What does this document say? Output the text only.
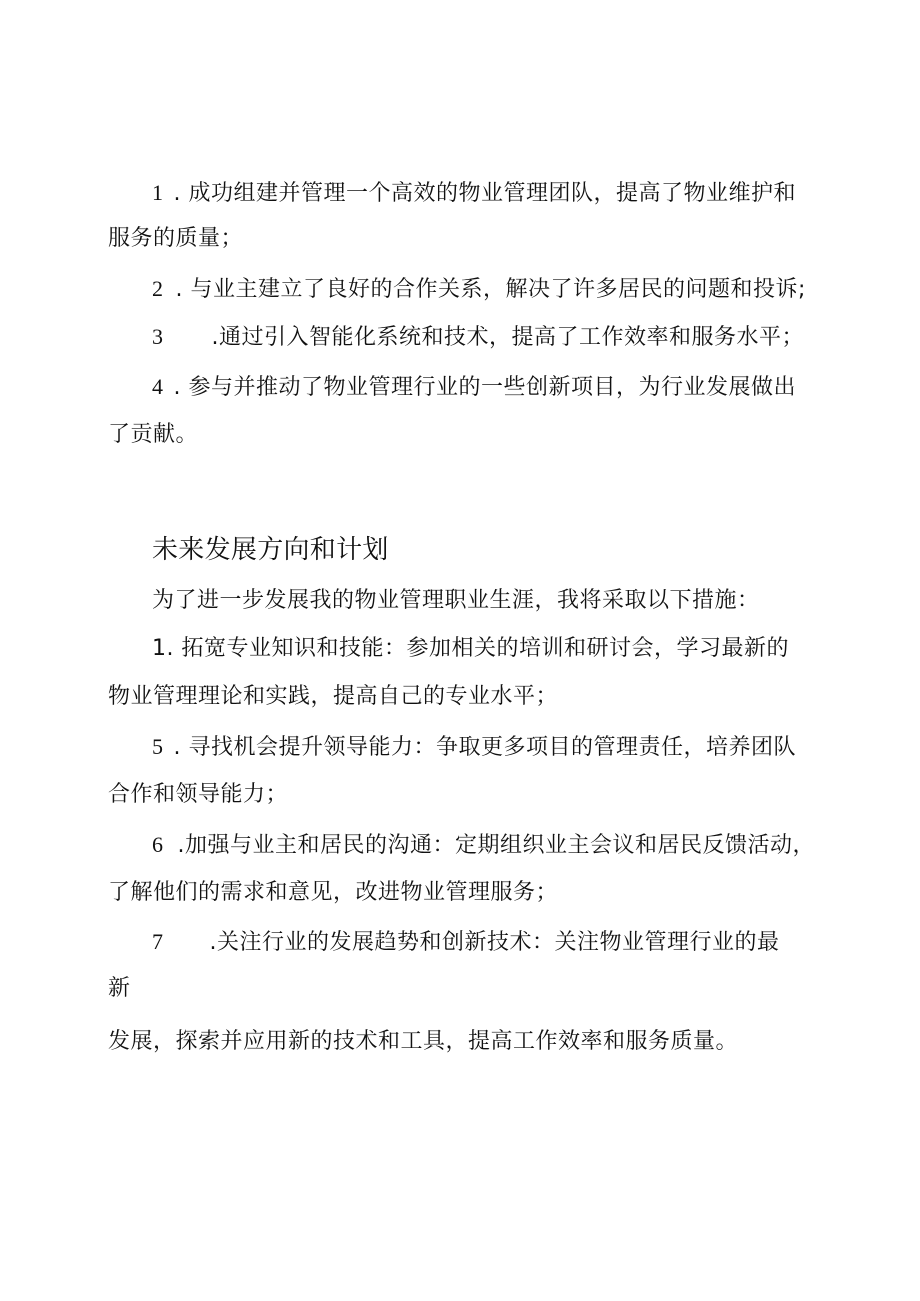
1 . 成功组建并管理一个高效的物业管理团队，提高了物业维护和
服务的质量；
2 . 与业主建立了良好的合作关系，解决了许多居民的问题和投诉;
3 .通过引入智能化系统和技术，提高了工作效率和服务水平；
4 . 参与并推动了物业管理行业的一些创新项目，为行业发展做出
了贡献。
未来发展方向和计划
为了进一步发展我的物业管理职业生涯，我将采取以下措施：
1. 拓宽专业知识和技能：参加相关的培训和研讨会，学习最新的
物业管理理论和实践，提高自己的专业水平；
5 . 寻找机会提升领导能力：争取更多项目的管理责任，培养团队
合作和领导能力；
6 .加强与业主和居民的沟通：定期组织业主会议和居民反馈活动，
了解他们的需求和意见，改进物业管理服务；
7 .关注行业的发展趋势和创新技术：关注物业管理行业的最
新
发展，探索并应用新的技术和工具，提高工作效率和服务质量。
